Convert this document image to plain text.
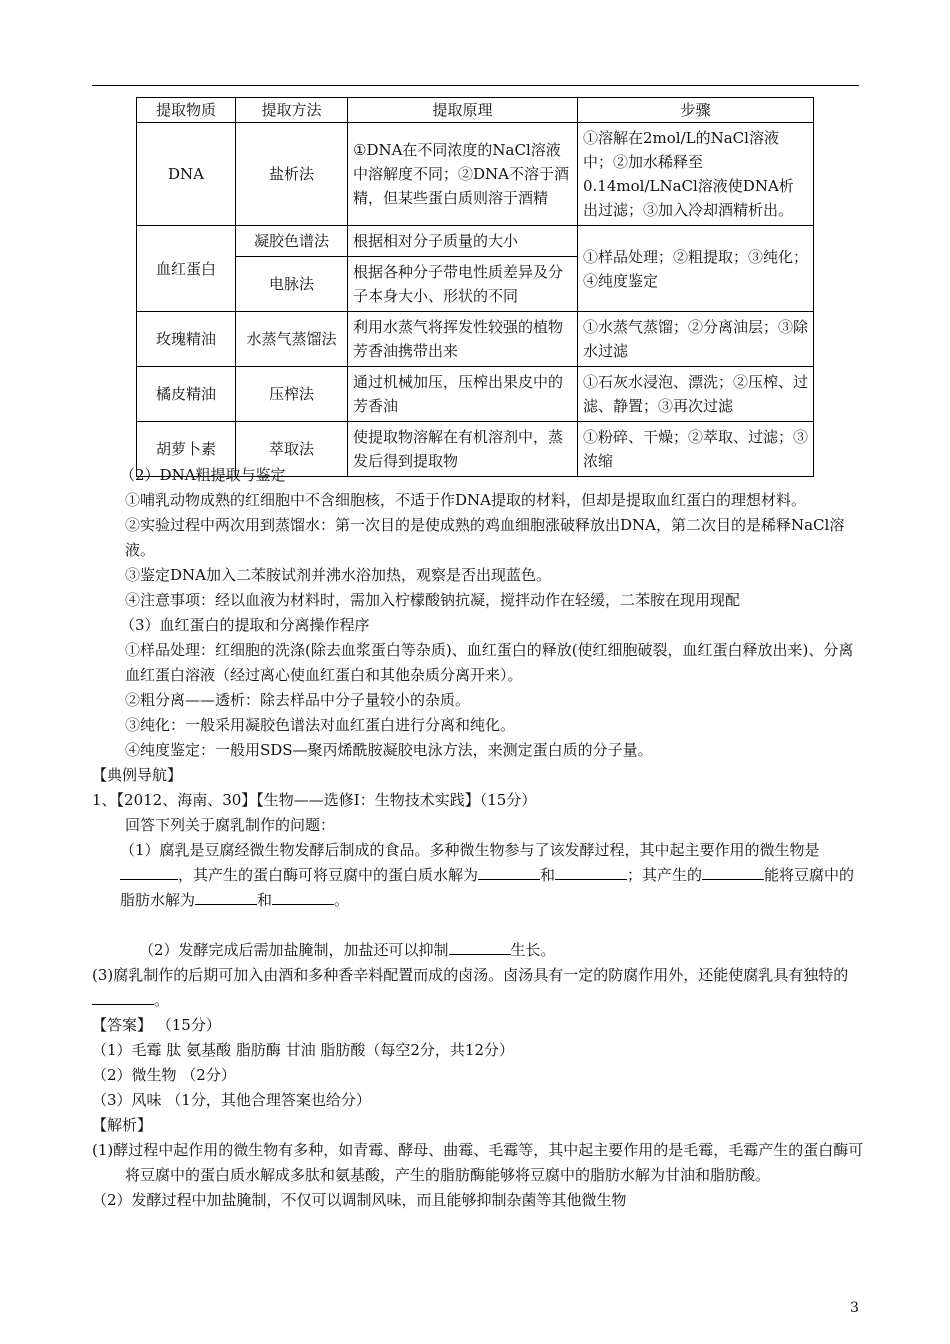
提取物质	提取方法	提取原理	步骤
DNA	盐析法	①DNA在不同浓度的NaCl溶液中溶解度不同；②DNA不溶于酒精，但某些蛋白质则溶于酒精	①溶解在2mol/L的NaCl溶液中；②加水稀释至0.14mol/LNaCl溶液使DNA析出过滤；③加入冷却酒精析出。
血红蛋白	凝胶色谱法	根据相对分子质量的大小	①样品处理；②粗提取；③纯化；④纯度鉴定
	电脉法	根据各种分子带电性质差异及分子本身大小、形状的不同	
玫瑰精油	水蒸气蒸馏法	利用水蒸气将挥发性较强的植物芳香油携带出来	①水蒸气蒸馏；②分离油层；③除水过滤
橘皮精油	压榨法	通过机械加压，压榨出果皮中的芳香油	①石灰水浸泡、漂洗；②压榨、过滤、静置；③再次过滤
胡萝卜素	萃取法	使提取物溶解在有机溶剂中，蒸发后得到提取物	①粉碎、干燥；②萃取、过滤；③浓缩

（2）DNA粗提取与鉴定

①哺乳动物成熟的红细胞中不含细胞核，不适于作DNA提取的材料，但却是提取血红蛋白的理想材料。

②实验过程中两次用到蒸馏水：第一次目的是使成熟的鸡血细胞涨破释放出DNA，第二次目的是稀释NaCl溶液。

③鉴定DNA加入二苯胺试剂并沸水浴加热，观察是否出现蓝色。

④注意事项：经以血液为材料时，需加入柠檬酸钠抗凝，搅拌动作在轻缓，二苯胺在现用现配

（3）血红蛋白的提取和分离操作程序

①样品处理：红细胞的洗涤(除去血浆蛋白等杂质)、血红蛋白的释放(使红细胞破裂，血红蛋白释放出来)、分离血红蛋白溶液（经过离心使血红蛋白和其他杂质分离开来）。

②粗分离——透析：除去样品中分子量较小的杂质。

③纯化：一般采用凝胶色谱法对血红蛋白进行分离和纯化。

④纯度鉴定：一般用SDS—聚丙烯酰胺凝胶电泳方法，来测定蛋白质的分子量。

【典例导航】

1、【2012、海南、30】【生物——选修I：生物技术实践】（15分）

回答下列关于腐乳制作的问题：

（1）腐乳是豆腐经微生物发酵后制成的食品。多种微生物参与了该发酵过程，其中起主要作用的微生物是，其产生的蛋白酶可将豆腐中的蛋白质水解为	和	；其产生的	能将豆腐中的脂肪水解为	和	。

（2）发酵完成后需加盐腌制，加盐还可以抑制	生长。

(3)腐乳制作的后期可加入由酒和多种香辛料配置而成的卤汤。卤汤具有一定的防腐作用外，还能使腐乳具有独特的。

【答案】 （15分）

（1）毛霉 肽 氨基酸 脂肪酶 甘油 脂肪酸（每空2分，共12分）

（2）微生物 （2分）

（3）风味 （1分，其他合理答案也给分）

【解析】

(1)酵过程中起作用的微生物有多种，如青霉、酵母、曲霉、毛霉等，其中起主要作用的是毛霉，毛霉产生的蛋白酶可将豆腐中的蛋白质水解成多肽和氨基酸，产生的脂肪酶能够将豆腐中的脂肪水解为甘油和脂肪酸。

（2）发酵过程中加盐腌制，不仅可以调制风味，而且能够抑制杂菌等其他微生物

3
